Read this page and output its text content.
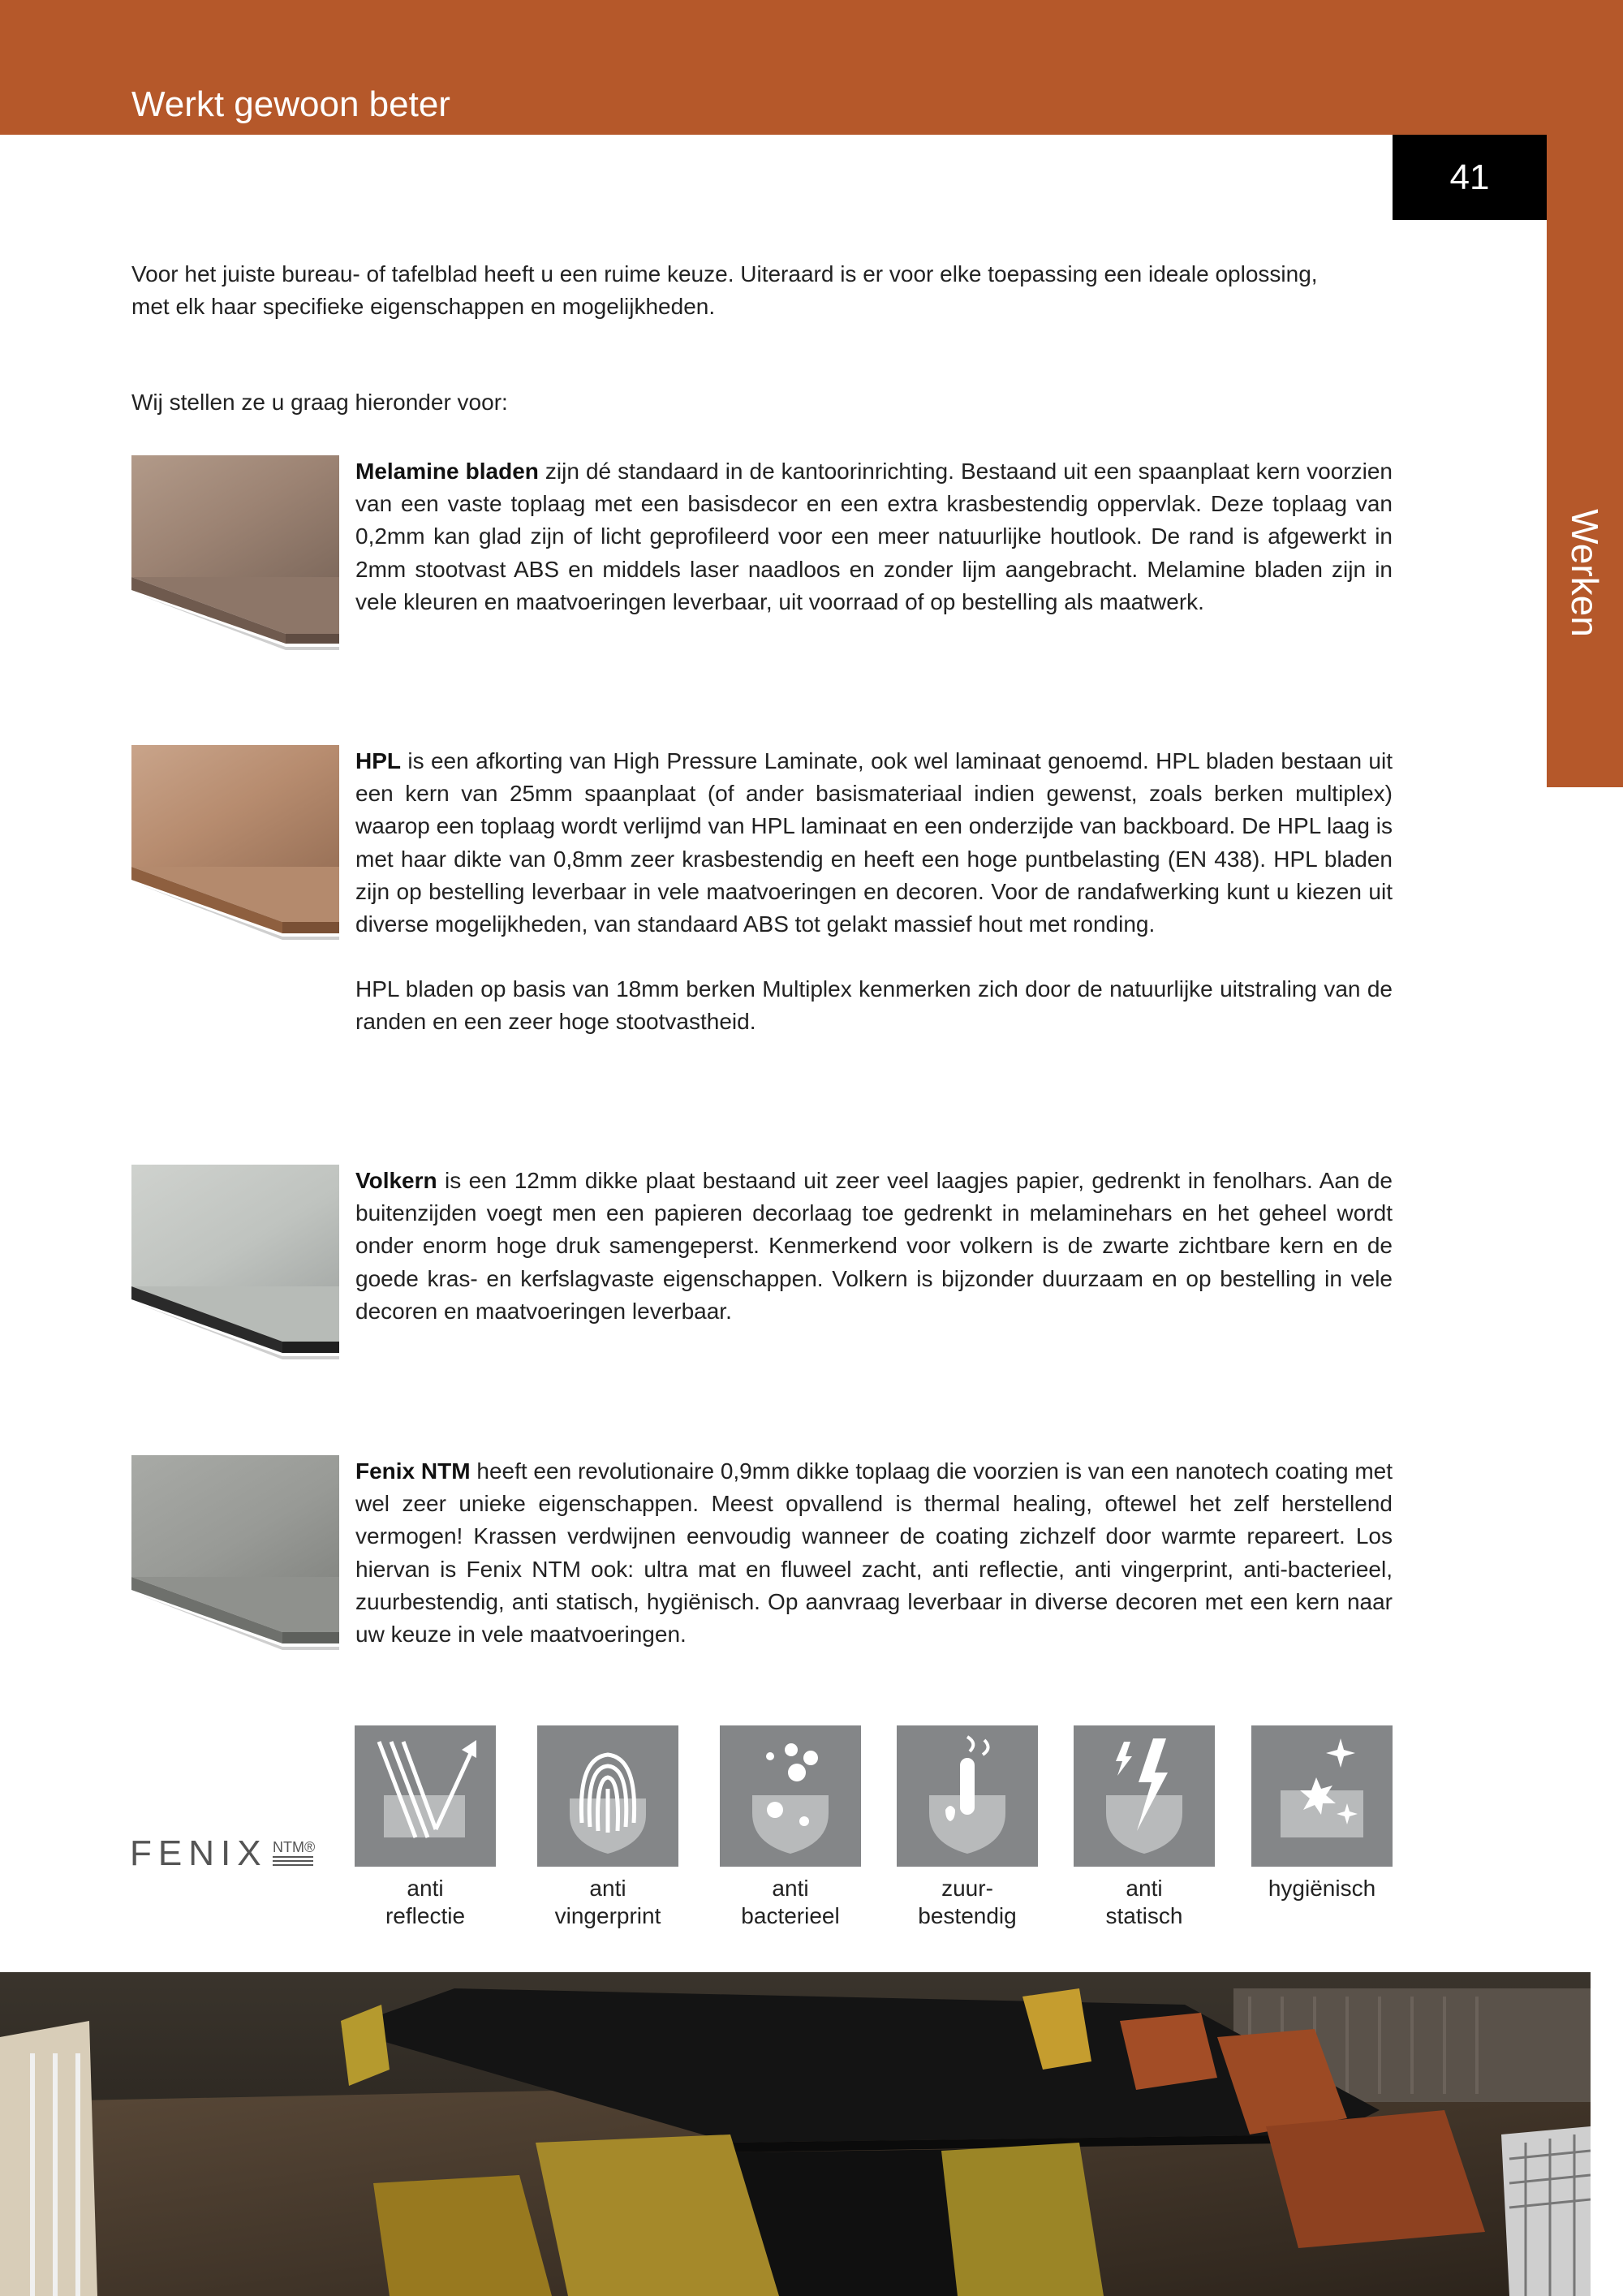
Werkt gewoon beter
41
Werken
Voor het juiste bureau- of tafelblad heeft u een ruime keuze. Uiteraard is er voor elke toepassing een ideale oplossing,
met elk haar specifieke eigenschappen en mogelijkheden.
Wij stellen ze u graag hieronder voor:

Melamine bladen zijn dé standaard in de kantoorinrichting. Bestaand uit een spaanplaat kern voorzien van een vaste toplaag met een basisdecor en een extra krasbestendig oppervlak. Deze toplaag van 0,2mm kan glad zijn of licht geprofileerd voor een meer natuurlijke houtlook. De rand is afgewerkt in 2mm stootvast ABS en middels laser naadloos en zonder lijm aangebracht. Melamine bladen zijn in vele kleuren en maatvoeringen leverbaar, uit voorraad of op bestelling als maatwerk.

HPL is een afkorting van High Pressure Laminate, ook wel laminaat genoemd. HPL bladen bestaan uit een kern van 25mm spaanplaat (of ander basismateriaal indien gewenst, zoals berken multiplex) waarop een toplaag wordt verlijmd van HPL laminaat en een onderzijde van backboard. De HPL laag is met haar dikte van 0,8mm zeer krasbestendig en heeft een hoge puntbelasting (EN 438). HPL bladen zijn op bestelling leverbaar in vele maatvoeringen en decoren. Voor de randafwerking kunt u kiezen uit diverse mogelijkheden, van standaard ABS tot gelakt massief hout met ronding.

HPL bladen op basis van 18mm berken Multiplex kenmerken zich door de natuurlijke uitstraling van de randen en een zeer hoge stootvastheid.

Volkern is een 12mm dikke plaat bestaand uit zeer veel laagjes papier, gedrenkt in fenolhars. Aan de buitenzijden voegt men een papieren decorlaag toe gedrenkt in melaminehars en het geheel wordt onder enorm hoge druk samengeperst. Kenmerkend voor volkern is de zwarte zichtbare kern en de goede kras- en kerfslagvaste eigenschappen. Volkern is bijzonder duurzaam en op bestelling in vele decoren en maatvoeringen leverbaar.

Fenix NTM heeft een revolutionaire 0,9mm dikke toplaag die voorzien is van een nanotech coating met wel zeer unieke eigenschappen. Meest opvallend is thermal healing, oftewel het zelf herstellend vermogen! Krassen verdwijnen eenvoudig wanneer de coating zichzelf door warmte repareert. Los hiervan is Fenix NTM ook: ultra mat en fluweel zacht, anti reflectie, anti vingerprint, anti-bacterieel, zuurbestendig, anti statisch, hygiënisch. Op aanvraag leverbaar in diverse decoren met een kern naar uw keuze in vele maatvoeringen.

FENIX NTM®
anti
reflectie
anti
vingerprint
anti
bacterieel
zuur-
bestendig
anti
statisch
hygiënisch
